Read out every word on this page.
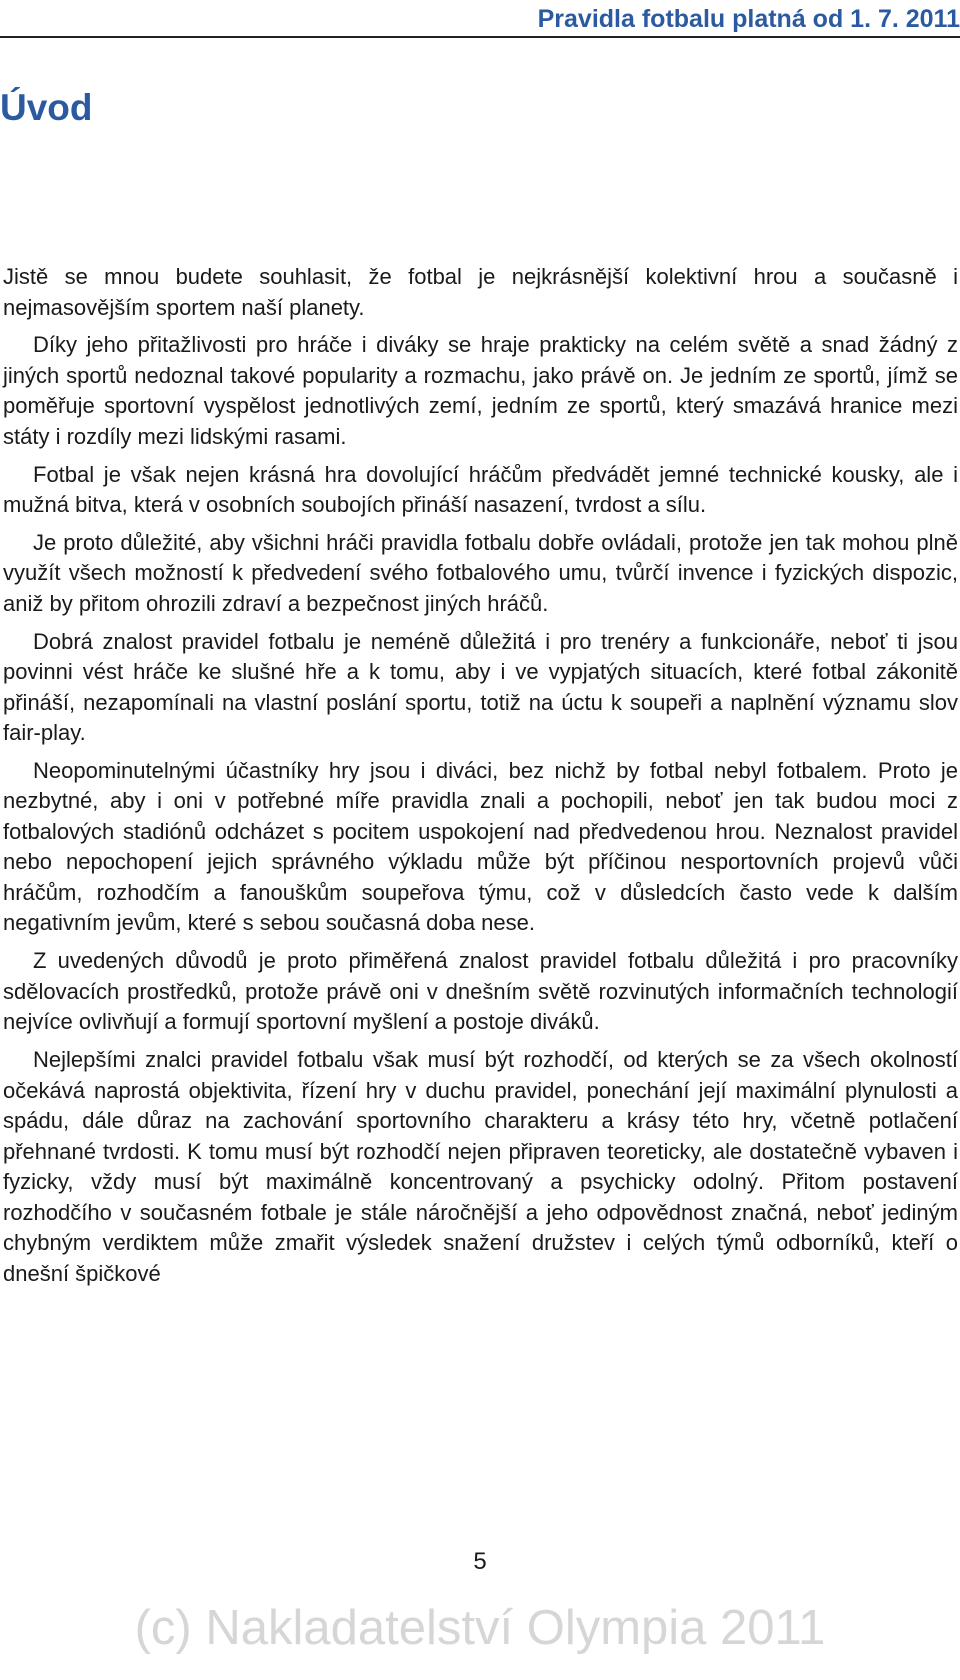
Pravidla fotbalu platná od 1. 7. 2011
Úvod

Jistě se mnou budete souhlasit, že fotbal je nejkrásnější kolektivní hrou a současně i nejmasovějším sportem naší planety.

Díky jeho přitažlivosti pro hráče i diváky se hraje prakticky na celém světě a snad žádný z jiných sportů nedoznal takové popularity a rozmachu, jako právě on. Je jedním ze sportů, jímž se poměřuje sportovní vyspělost jednotlivých zemí, jedním ze sportů, který smazává hranice mezi státy i rozdíly mezi lidskými rasami.

Fotbal je však nejen krásná hra dovolující hráčům předvádět jemné technické kousky, ale i mužná bitva, která v osobních soubojích přináší nasazení, tvrdost a sílu.

Je proto důležité, aby všichni hráči pravidla fotbalu dobře ovládali, protože jen tak mohou plně využít všech možností k předvedení svého fotbalového umu, tvůrčí invence i fyzických dispozic, aniž by přitom ohrozili zdraví a bezpečnost jiných hráčů.

Dobrá znalost pravidel fotbalu je neméně důležitá i pro trenéry a funkcionáře, neboť ti jsou povinni vést hráče ke slušné hře a k tomu, aby i ve vypjatých situacích, které fotbal zákonitě přináší, nezapomínali na vlastní poslání sportu, totiž na úctu k soupeři a naplnění významu slov fair-play.

Neopominutelnými účastníky hry jsou i diváci, bez nichž by fotbal nebyl fotbalem. Proto je nezbytné, aby i oni v potřebné míře pravidla znali a pochopili, neboť jen tak budou moci z fotbalových stadiónů odcházet s pocitem uspokojení nad předvedenou hrou. Neznalost pravidel nebo nepochopení jejich správného výkladu může být příčinou nesportovních projevů vůči hráčům, rozhodčím a fanouškům soupeřova týmu, což v důsledcích často vede k dalším negativním jevům, které s sebou současná doba nese.

Z uvedených důvodů je proto přiměřená znalost pravidel fotbalu důležitá i pro pracovníky sdělovacích prostředků, protože právě oni v dnešním světě rozvinutých informačních technologií nejvíce ovlivňují a formují sportovní myšlení a postoje diváků.

Nejlepšími znalci pravidel fotbalu však musí být rozhodčí, od kterých se za všech okolností očekává naprostá objektivita, řízení hry v duchu pravidel, ponechání její maximální plynulosti a spádu, dále důraz na zachování sportovního charakteru a krásy této hry, včetně potlačení přehnané tvrdosti. K tomu musí být rozhodčí nejen připraven teoreticky, ale dostatečně vybaven i fyzicky, vždy musí být maximálně koncentrovaný a psychicky odolný. Přitom postavení rozhodčího v současném fotbale je stále náročnější a jeho odpovědnost značná, neboť jediným chybným verdiktem může zmařit výsledek snažení družstev i celých týmů odborníků, kteří o dnešní špičkové

5
(c) Nakladatelství Olympia 2011
